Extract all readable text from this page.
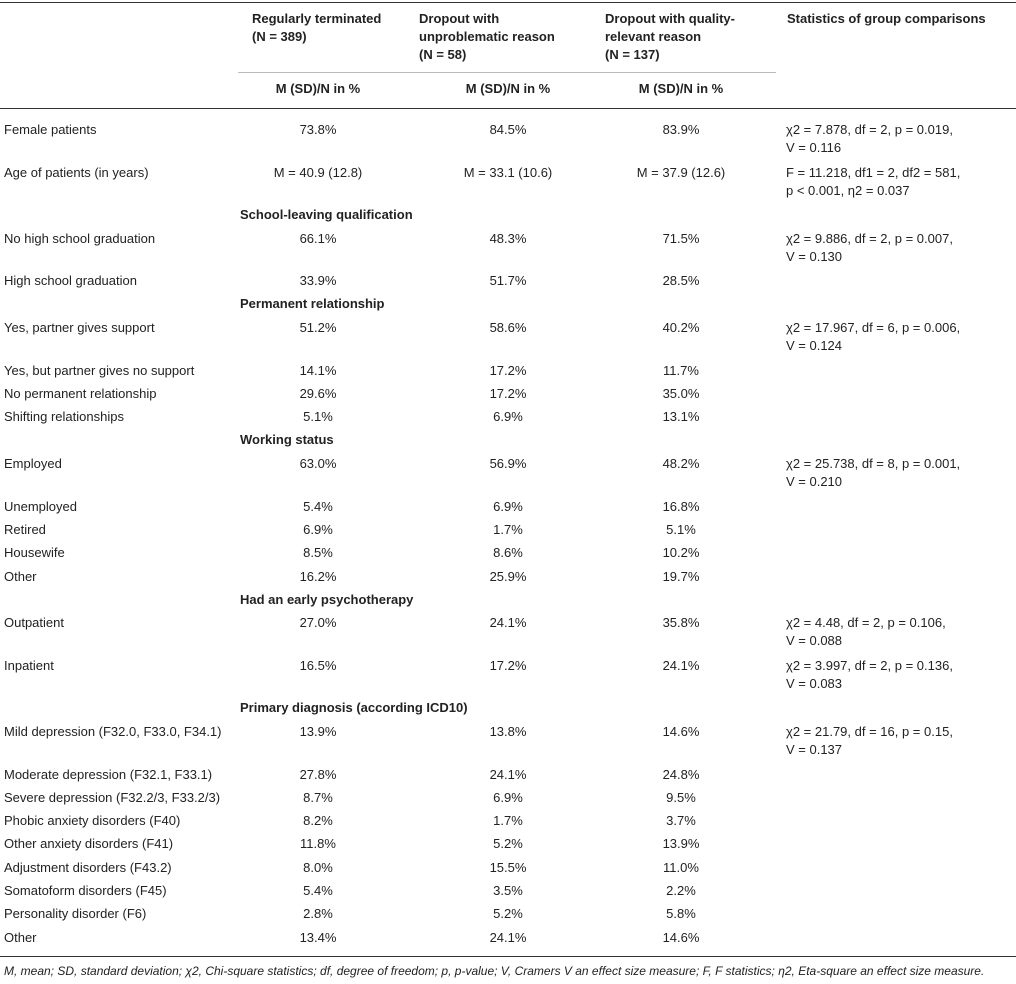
Regularly terminated
(N = 389)
Dropout with unproblematic reason
(N = 58)
Dropout with quality-relevant reason
(N = 137)
Statistics of group comparisons
M (SD)/N in %	M (SD)/N in %	M (SD)/N in %
Female patients	73.8%	84.5%	83.9%	χ2 = 7.878, df = 2, p = 0.019,
V = 0.116
Age of patients (in years)	M = 40.9 (12.8)	M = 33.1 (10.6)	M = 37.9 (12.6)	F = 11.218, df1 = 2, df2 = 581,
p < 0.001, η2 = 0.037
School-leaving qualification
No high school graduation	66.1%	48.3%	71.5%	χ2 = 9.886, df = 2, p = 0.007,
V = 0.130
High school graduation	33.9%	51.7%	28.5%
Permanent relationship
Yes, partner gives support	51.2%	58.6%	40.2%	χ2 = 17.967, df = 6, p = 0.006,
V = 0.124
Yes, but partner gives no support	14.1%	17.2%	11.7%
No permanent relationship	29.6%	17.2%	35.0%
Shifting relationships	5.1%	6.9%	13.1%
Working status
Employed	63.0%	56.9%	48.2%	χ2 = 25.738, df = 8, p = 0.001,
V = 0.210
Unemployed	5.4%	6.9%	16.8%
Retired	6.9%	1.7%	5.1%
Housewife	8.5%	8.6%	10.2%
Other	16.2%	25.9%	19.7%
Had an early psychotherapy
Outpatient	27.0%	24.1%	35.8%	χ2 = 4.48, df = 2, p = 0.106,
V = 0.088
Inpatient	16.5%	17.2%	24.1%	χ2 = 3.997, df = 2, p = 0.136,
V = 0.083
Primary diagnosis (according ICD10)
Mild depression (F32.0, F33.0, F34.1)	13.9%	13.8%	14.6%	χ2 = 21.79, df = 16, p = 0.15,
V = 0.137
Moderate depression (F32.1, F33.1)	27.8%	24.1%	24.8%
Severe depression (F32.2/3, F33.2/3)	8.7%	6.9%	9.5%
Phobic anxiety disorders (F40)	8.2%	1.7%	3.7%
Other anxiety disorders (F41)	11.8%	5.2%	13.9%
Adjustment disorders (F43.2)	8.0%	15.5%	11.0%
Somatoform disorders (F45)	5.4%	3.5%	2.2%
Personality disorder (F6)	2.8%	5.2%	5.8%
Other	13.4%	24.1%	14.6%
M, mean; SD, standard deviation; χ2, Chi-square statistics; df, degree of freedom; p, p-value; V, Cramers V an effect size measure; F, F statistics; η2, Eta-square an effect size measure.
